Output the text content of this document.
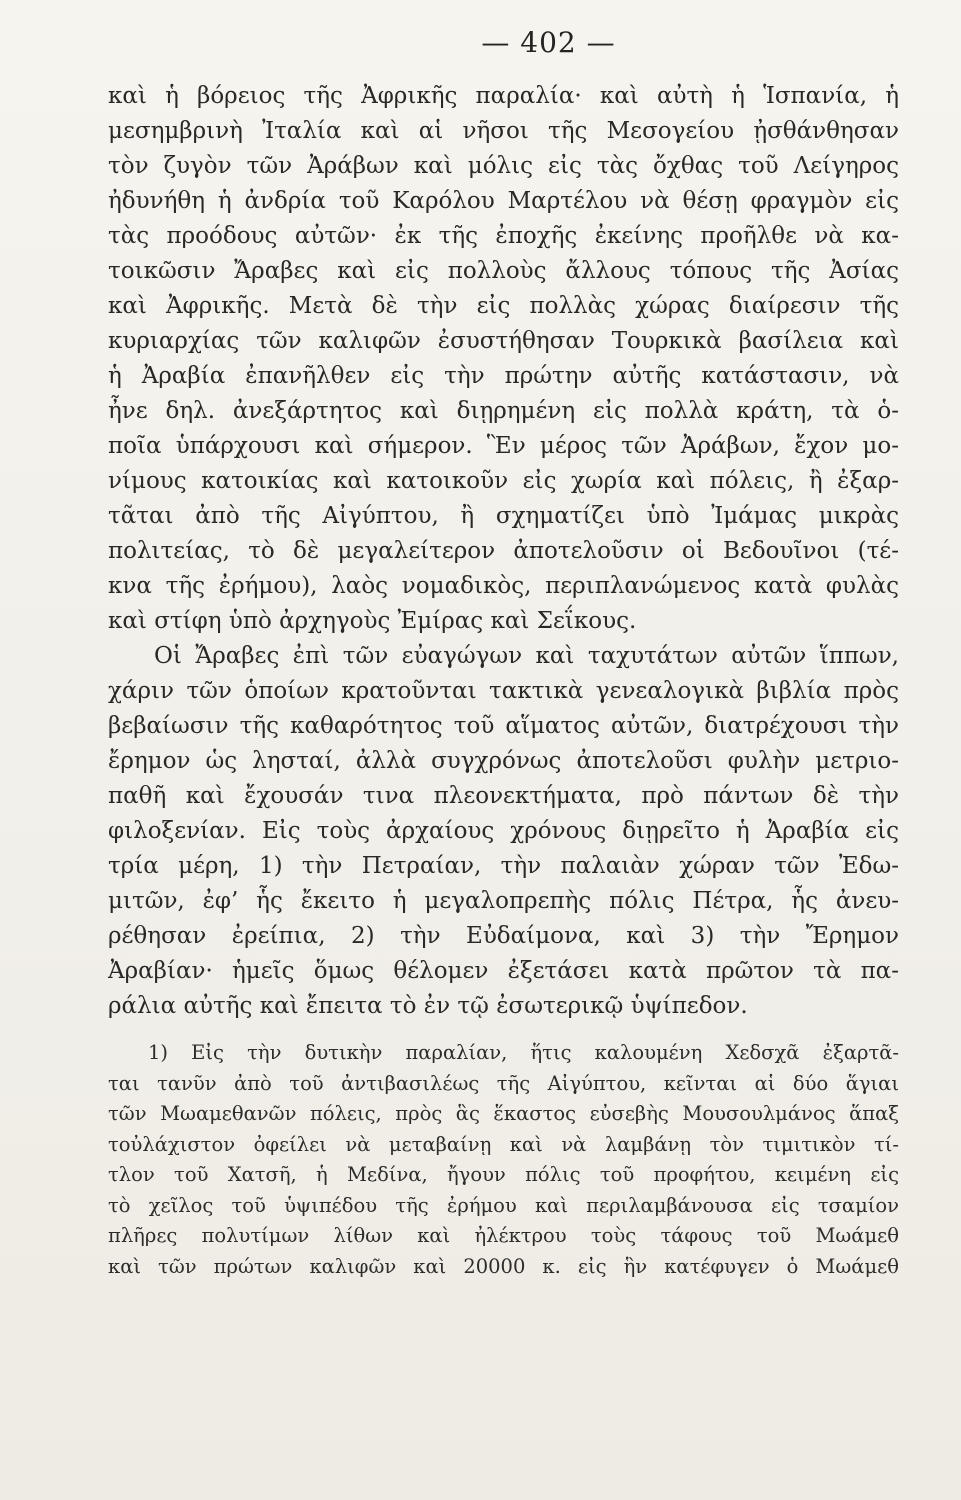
— 402 —

καὶ ἡ βόρειος τῆς Ἀφρικῆς παραλία· καὶ αὐτὴ ἡ Ἱσπανία, ἡ

μεσημβρινὴ Ἰταλία καὶ αἱ νῆσοι τῆς Μεσογείου ᾐσθάνθησαν

τὸν ζυγὸν τῶν Ἀράβων καὶ μόλις εἰς τὰς ὄχθας τοῦ Λείγηρος

ἠδυνήθη ἡ ἀνδρία τοῦ Καρόλου Μαρτέλου νὰ θέσῃ φραγμὸν εἰς

τὰς προόδους αὐτῶν· ἐκ τῆς ἐποχῆς ἐκείνης προῆλθε νὰ κα-

τοικῶσιν Ἄραβες καὶ εἰς πολλοὺς ἄλλους τόπους τῆς Ἀσίας

καὶ Ἀφρικῆς. Μετὰ δὲ τὴν εἰς πολλὰς χώρας διαίρεσιν τῆς

κυριαρχίας τῶν καλιφῶν ἐσυστήθησαν Τουρκικὰ βασίλεια καὶ

ἡ Ἀραβία ἐπανῆλθεν εἰς τὴν πρώτην αὐτῆς κατάστασιν, νὰ

ἦνε δηλ. ἀνεξάρτητος καὶ διῃρημένη εἰς πολλὰ κράτη, τὰ ὁ-

ποῖα ὑπάρχουσι καὶ σήμερον. Ἓν μέρος τῶν Ἀράβων, ἔχον μο-

νίμους κατοικίας καὶ κατοικοῦν εἰς χωρία καὶ πόλεις, ἢ ἐξαρ-

τᾶται ἀπὸ τῆς Αἰγύπτου, ἢ σχηματίζει ὑπὸ Ἰμάμας μικρὰς

πολιτείας, τὸ δὲ μεγαλείτερον ἀποτελοῦσιν οἱ Βεδουῖνοι (τέ-

κνα τῆς ἐρήμου), λαὸς νομαδικὸς, περιπλανώμενος κατὰ φυλὰς

καὶ στίφη ὑπὸ ἀρχηγοὺς Ἐμίρας καὶ Σεΐκους.

Οἱ Ἄραβες ἐπὶ τῶν εὐαγώγων καὶ ταχυτάτων αὐτῶν ἵππων,

χάριν τῶν ὁποίων κρατοῦνται τακτικὰ γενεαλογικὰ βιβλία πρὸς

βεβαίωσιν τῆς καθαρότητος τοῦ αἵματος αὐτῶν, διατρέχουσι τὴν

ἔρημον ὡς λησταί, ἀλλὰ συγχρόνως ἀποτελοῦσι φυλὴν μετριο-

παθῆ καὶ ἔχουσάν τινα πλεονεκτήματα, πρὸ πάντων δὲ τὴν

φιλοξενίαν. Εἰς τοὺς ἀρχαίους χρόνους διῃρεῖτο ἡ Ἀραβία εἰς

τρία μέρη, 1) τὴν Πετραίαν, τὴν παλαιὰν χώραν τῶν Ἐδω-

μιτῶν, ἐφ’ ἧς ἔκειτο ἡ μεγαλοπρεπὴς πόλις Πέτρα, ἧς ἀνευ-

ρέθησαν ἐρείπια, 2) τὴν Εὐδαίμονα, καὶ 3) τὴν Ἔρημον

Ἀραβίαν· ἡμεῖς ὅμως θέλομεν ἐξετάσει κατὰ πρῶτον τὰ πα-

ράλια αὐτῆς καὶ ἔπειτα τὸ ἐν τῷ ἐσωτερικῷ ὑψίπεδον.

1) Εἰς τὴν δυτικὴν παραλίαν, ἥτις καλουμένη Χεδσχᾶ ἐξαρτᾶ-

ται τανῦν ἀπὸ τοῦ ἀντιβασιλέως τῆς Αἰγύπτου, κεῖνται αἱ δύο ἅγιαι

τῶν Μωαμεθανῶν πόλεις, πρὸς ἃς ἕκαστος εὐσεβὴς Μουσουλμάνος ἅπαξ

τοὐλάχιστον ὀφείλει νὰ μεταβαίνῃ καὶ νὰ λαμβάνῃ τὸν τιμιτικὸν τί-

τλον τοῦ Χατσῆ, ἡ Μεδίνα, ἤγουν πόλις τοῦ προφήτου, κειμένη εἰς

τὸ χεῖλος τοῦ ὑψιπέδου τῆς ἐρήμου καὶ περιλαμβάνουσα εἰς τσαμίον

πλῆρες πολυτίμων λίθων καὶ ἠλέκτρου τοὺς τάφους τοῦ Μωάμεθ

καὶ τῶν πρώτων καλιφῶν καὶ 20000 κ. εἰς ἣν κατέφυγεν ὁ Μωάμεθ
